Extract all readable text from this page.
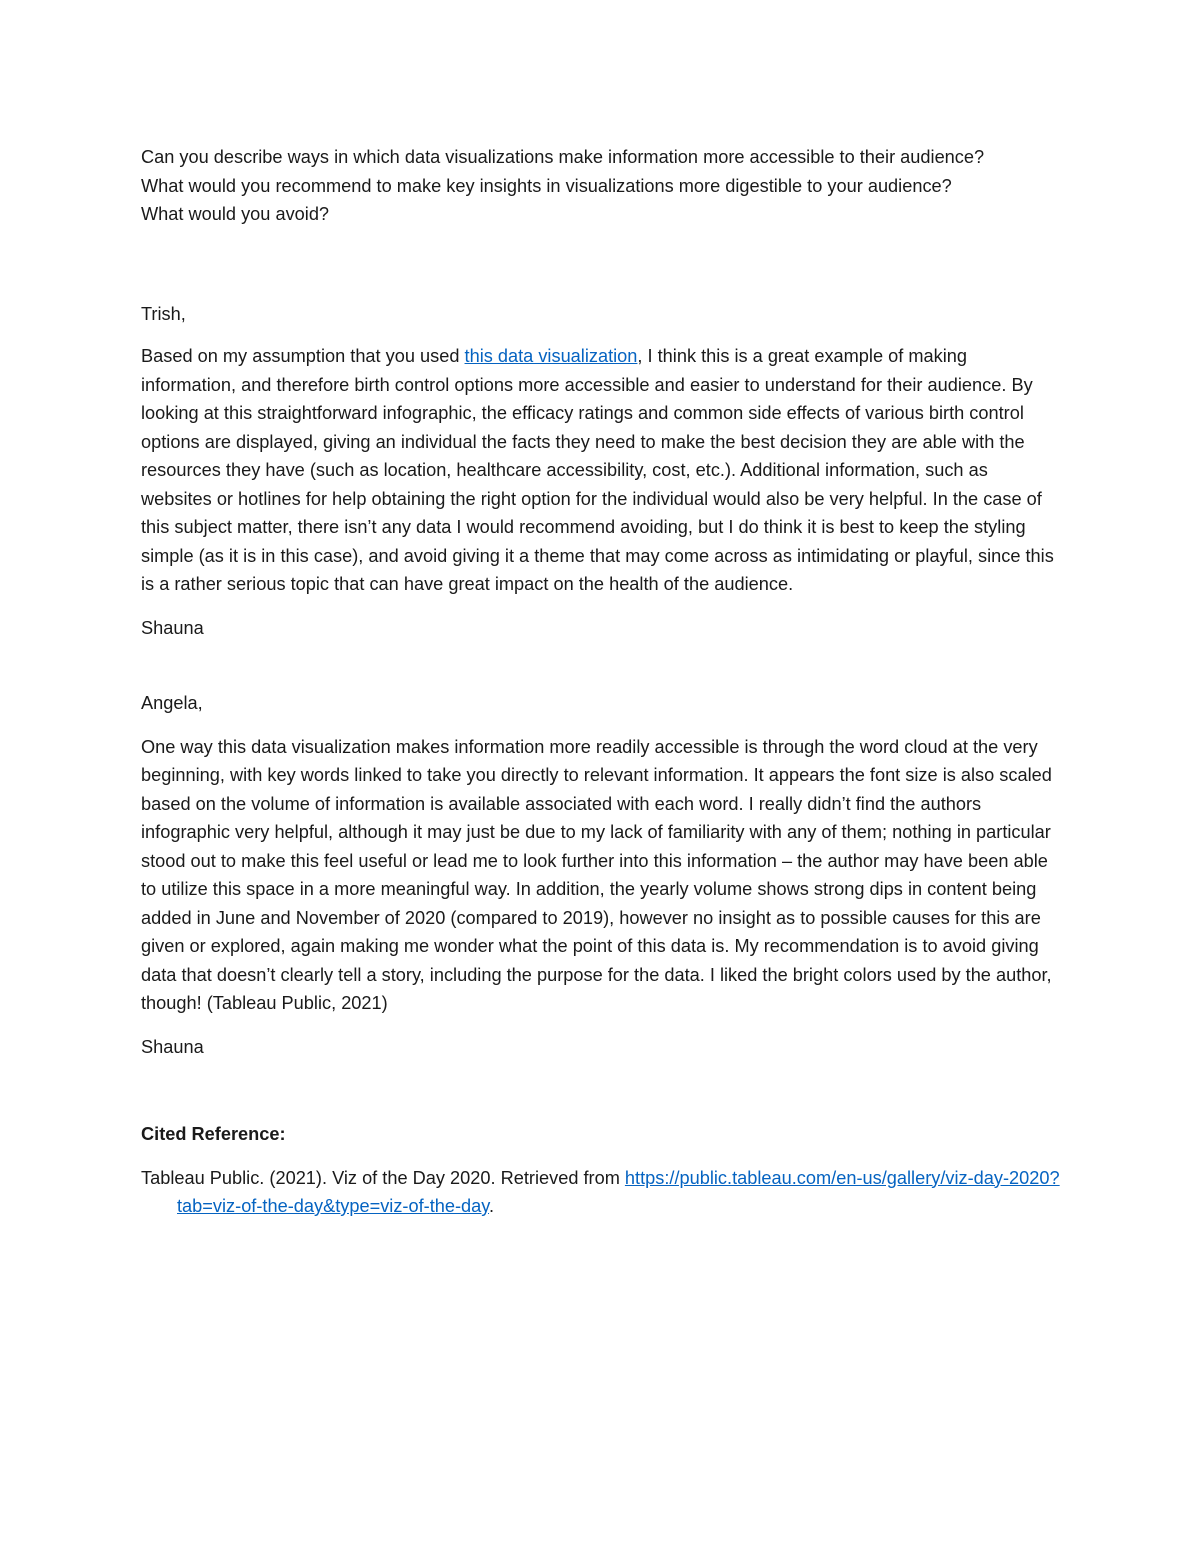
Can you describe ways in which data visualizations make information more accessible to their audience?
What would you recommend to make key insights in visualizations more digestible to your audience?
What would you avoid?

Trish,

Based on my assumption that you used this data visualization, I think this is a great example of making information, and therefore birth control options more accessible and easier to understand for their audience. By looking at this straightforward infographic, the efficacy ratings and common side effects of various birth control options are displayed, giving an individual the facts they need to make the best decision they are able with the resources they have (such as location, healthcare accessibility, cost, etc.). Additional information, such as websites or hotlines for help obtaining the right option for the individual would also be very helpful. In the case of this subject matter, there isn’t any data I would recommend avoiding, but I do think it is best to keep the styling simple (as it is in this case), and avoid giving it a theme that may come across as intimidating or playful, since this is a rather serious topic that can have great impact on the health of the audience.

Shauna

Angela,

One way this data visualization makes information more readily accessible is through the word cloud at the very beginning, with key words linked to take you directly to relevant information. It appears the font size is also scaled based on the volume of information is available associated with each word. I really didn’t find the authors infographic very helpful, although it may just be due to my lack of familiarity with any of them; nothing in particular stood out to make this feel useful or lead me to look further into this information – the author may have been able to utilize this space in a more meaningful way. In addition, the yearly volume shows strong dips in content being added in June and November of 2020 (compared to 2019), however no insight as to possible causes for this are given or explored, again making me wonder what the point of this data is. My recommendation is to avoid giving data that doesn’t clearly tell a story, including the purpose for the data. I liked the bright colors used by the author, though! (Tableau Public, 2021)

Shauna

Cited Reference:

Tableau Public. (2021). Viz of the Day 2020. Retrieved from https://public.tableau.com/en-us/gallery/viz-day-2020?tab=viz-of-the-day&type=viz-of-the-day.
